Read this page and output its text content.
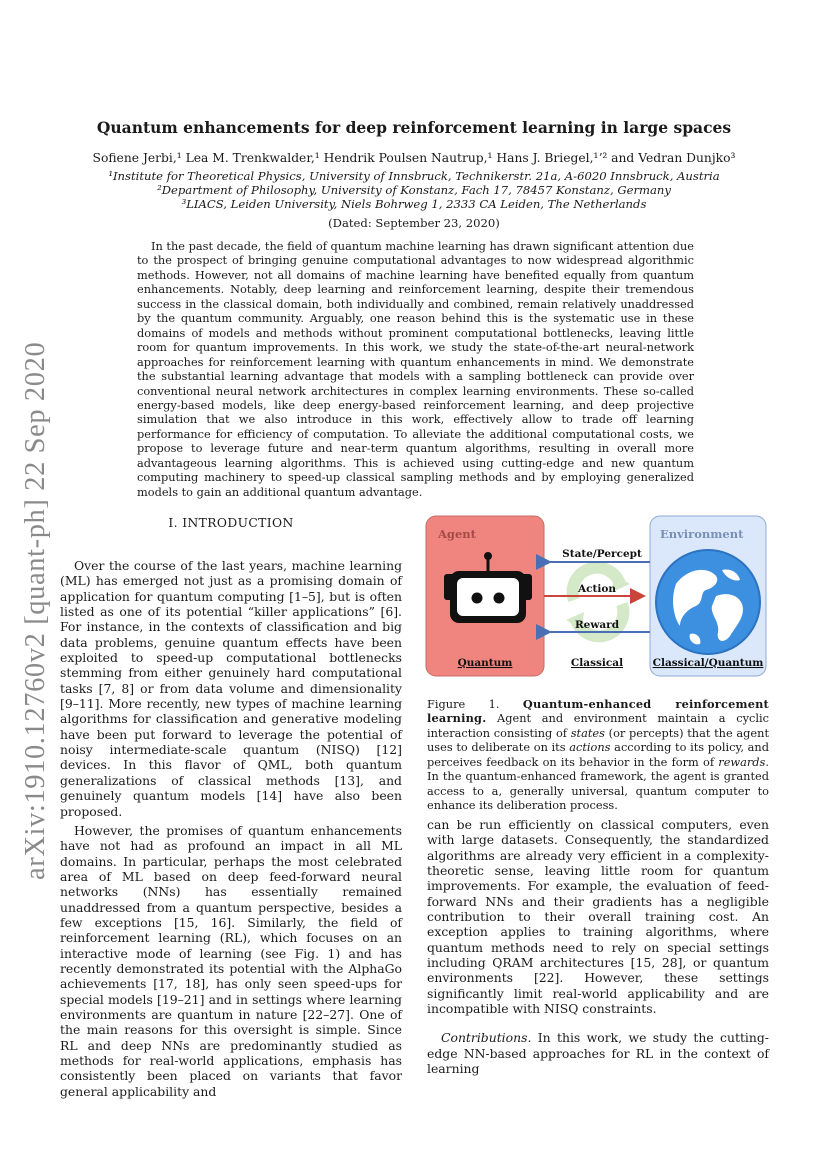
arXiv:1910.12760v2 [quant-ph] 22 Sep 2020
Quantum enhancements for deep reinforcement learning in large spaces
Sofiene Jerbi,¹ Lea M. Trenkwalder,¹ Hendrik Poulsen Nautrup,¹ Hans J. Briegel,¹ʼ² and Vedran Dunjko³
¹Institute for Theoretical Physics, University of Innsbruck, Technikerstr. 21a, A-6020 Innsbruck, Austria
²Department of Philosophy, University of Konstanz, Fach 17, 78457 Konstanz, Germany
³LIACS, Leiden University, Niels Bohrweg 1, 2333 CA Leiden, The Netherlands
(Dated: September 23, 2020)

In the past decade, the field of quantum machine learning has drawn significant attention due to the prospect of bringing genuine computational advantages to now widespread algorithmic methods. However, not all domains of machine learning have benefited equally from quantum enhancements. Notably, deep learning and reinforcement learning, despite their tremendous success in the classical domain, both individually and combined, remain relatively unaddressed by the quantum community. Arguably, one reason behind this is the systematic use in these domains of models and methods without prominent computational bottlenecks, leaving little room for quantum improvements. In this work, we study the state-of-the-art neural-network approaches for reinforcement learning with quantum enhancements in mind. We demonstrate the substantial learning advantage that models with a sampling bottleneck can provide over conventional neural network architectures in complex learning environments. These so-called energy-based models, like deep energy-based reinforcement learning, and deep projective simulation that we also introduce in this work, effectively allow to trade off learning performance for efficiency of computation. To alleviate the additional computational costs, we propose to leverage future and near-term quantum algorithms, resulting in overall more advantageous learning algorithms. This is achieved using cutting-edge and new quantum computing machinery to speed-up classical sampling methods and by employing generalized models to gain an additional quantum advantage.

I. INTRODUCTION

Over the course of the last years, machine learning (ML) has emerged not just as a promising domain of application for quantum computing [1–5], but is often listed as one of its potential “killer applications” [6]. For instance, in the contexts of classification and big data problems, genuine quantum effects have been exploited to speed-up computational bottlenecks stemming from either genuinely hard computational tasks [7, 8] or from data volume and dimensionality [9–11]. More recently, new types of machine learning algorithms for classification and generative modeling have been put forward to leverage the potential of noisy intermediate-scale quantum (NISQ) [12] devices. In this flavor of QML, both quantum generalizations of classical methods [13], and genuinely quantum models [14] have also been proposed.

However, the promises of quantum enhancements have not had as profound an impact in all ML domains. In particular, perhaps the most celebrated area of ML based on deep feed-forward neural networks (NNs) has essentially remained unaddressed from a quantum perspective, besides a few exceptions [15, 16]. Similarly, the field of reinforcement learning (RL), which focuses on an interactive mode of learning (see Fig. 1) and has recently demonstrated its potential with the AlphaGo achievements [17, 18], has only seen speed-ups for special models [19–21] and in settings where learning environments are quantum in nature [22–27]. One of the main reasons for this oversight is simple. Since RL and deep NNs are predominantly studied as methods for real-world applications, emphasis has consistently been placed on variants that favor general applicability and

Agent	Environment
State/Percept
Action
Reward
Quantum	Classical	Classical/Quantum
Figure 1. Quantum-enhanced reinforcement learning. Agent and environment maintain a cyclic interaction consisting of states (or percepts) that the agent uses to deliberate on its actions according to its policy, and perceives feedback on its behavior in the form of rewards. In the quantum-enhanced framework, the agent is granted access to a, generally universal, quantum computer to enhance its deliberation process.

can be run efficiently on classical computers, even with large datasets. Consequently, the standardized algorithms are already very efficient in a complexity-theoretic sense, leaving little room for quantum improvements. For example, the evaluation of feed-forward NNs and their gradients has a negligible contribution to their overall training cost. An exception applies to training algorithms, where quantum methods need to rely on special settings including QRAM architectures [15, 28], or quantum environments [22]. However, these settings significantly limit real-world applicability and are incompatible with NISQ constraints.

Contributions. In this work, we study the cutting-edge NN-based approaches for RL in the context of learning
